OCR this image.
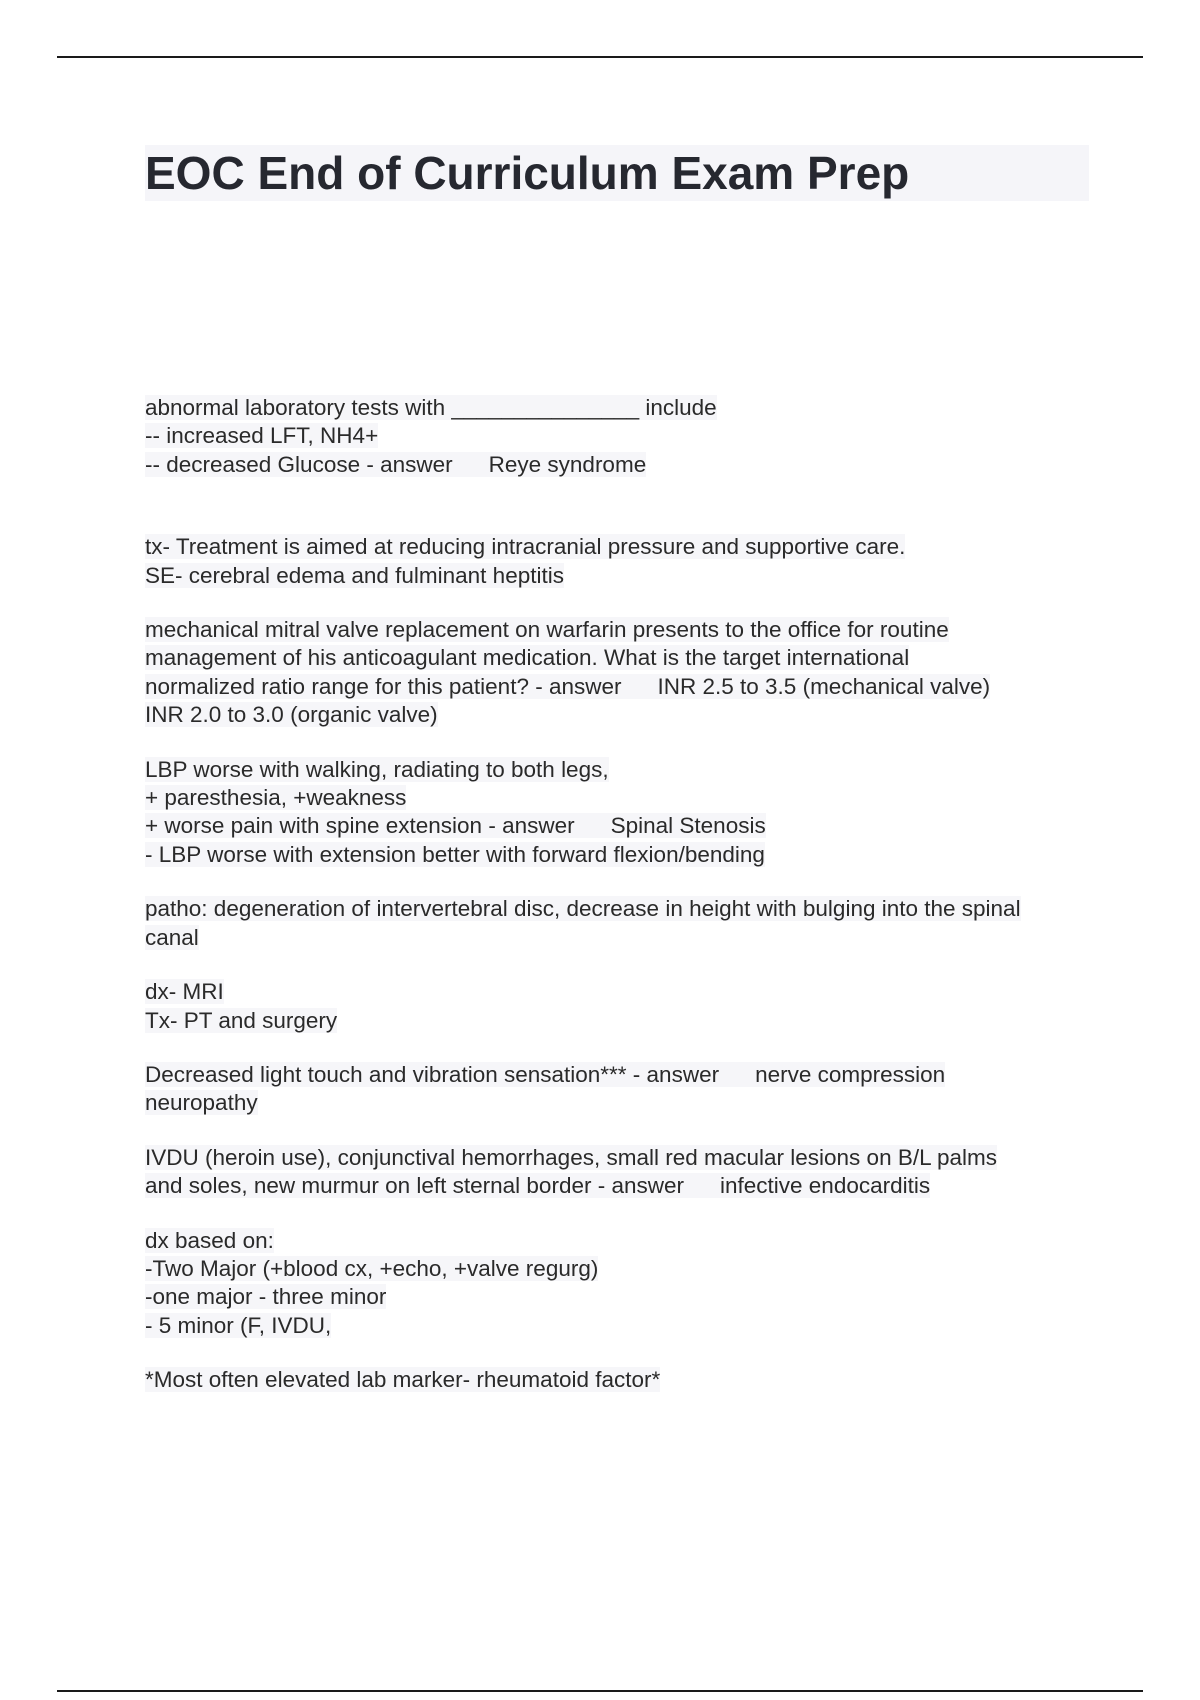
EOC End of Curriculum Exam Prep
abnormal laboratory tests with _______________ include
-- increased LFT, NH4+
-- decreased Glucose - answer Reye syndrome
tx- Treatment is aimed at reducing intracranial pressure and supportive care.
SE- cerebral edema and fulminant heptitis
mechanical mitral valve replacement on warfarin presents to the office for routine
management of his anticoagulant medication. What is the target international
normalized ratio range for this patient? - answer INR 2.5 to 3.5 (mechanical valve)
INR 2.0 to 3.0 (organic valve)
LBP worse with walking, radiating to both legs,
+ paresthesia, +weakness
+ worse pain with spine extension - answer Spinal Stenosis
- LBP worse with extension better with forward flexion/bending
patho: degeneration of intervertebral disc, decrease in height with bulging into the spinal
canal
dx- MRI
Tx- PT and surgery
Decreased light touch and vibration sensation*** - answer nerve compression
neuropathy
IVDU (heroin use), conjunctival hemorrhages, small red macular lesions on B/L palms
and soles, new murmur on left sternal border - answer infective endocarditis
dx based on:
-Two Major (+blood cx, +echo, +valve regurg)
-one major - three minor
- 5 minor (F, IVDU,
*Most often elevated lab marker- rheumatoid factor*
